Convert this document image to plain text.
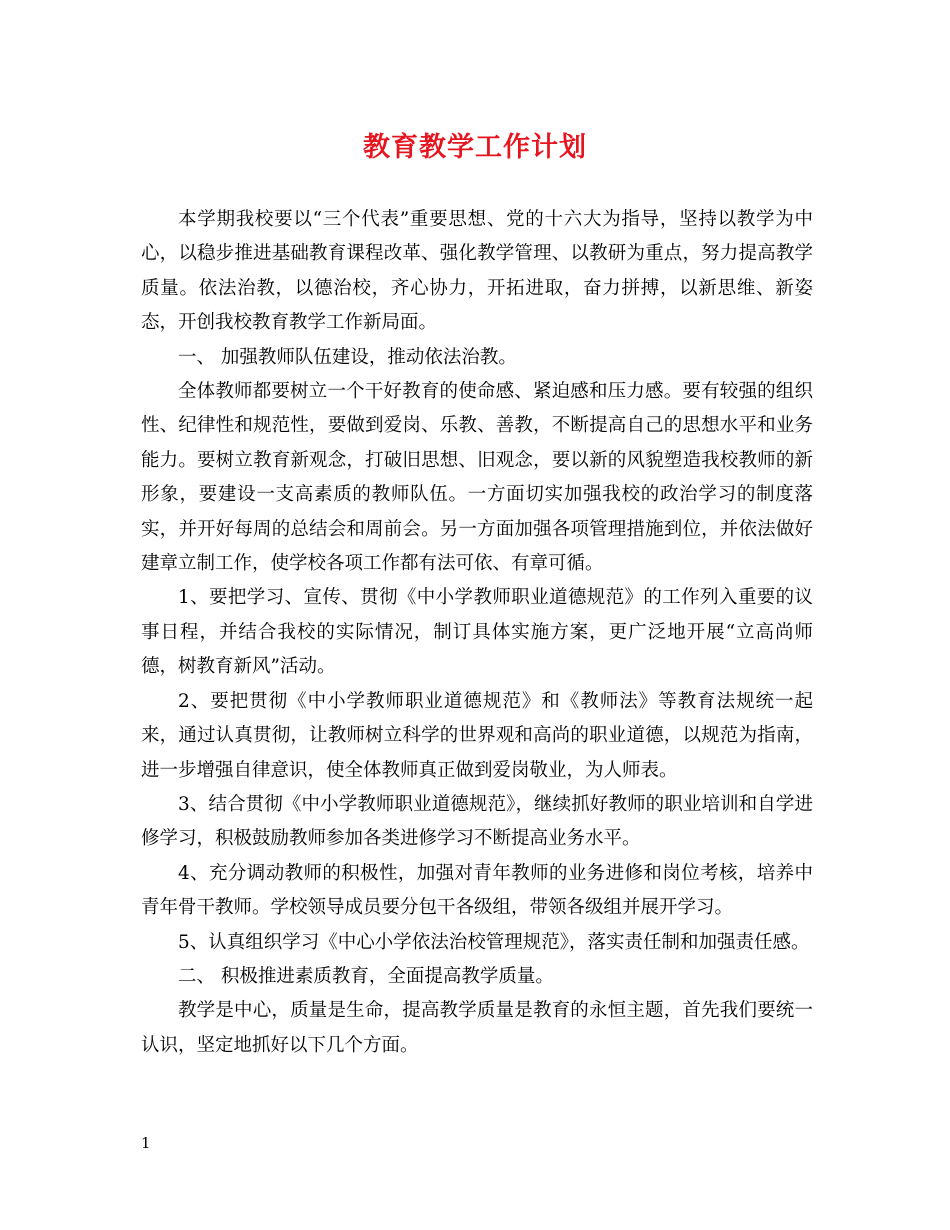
教育教学工作计划

本学期我校要以“三个代表”重要思想、党的十六大为指导，坚持以教学为中心，以稳步推进基础教育课程改革、强化教学管理、以教研为重点，努力提高教学质量。依法治教，以德治校，齐心协力，开拓进取，奋力拼搏，以新思维、新姿态，开创我校教育教学工作新局面。

一、 加强教师队伍建设，推动依法治教。

全体教师都要树立一个干好教育的使命感、紧迫感和压力感。要有较强的组织性、纪律性和规范性，要做到爱岗、乐教、善教，不断提高自己的思想水平和业务能力。要树立教育新观念，打破旧思想、旧观念，要以新的风貌塑造我校教师的新形象，要建设一支高素质的教师队伍。一方面切实加强我校的政治学习的制度落实，并开好每周的总结会和周前会。另一方面加强各项管理措施到位，并依法做好建章立制工作，使学校各项工作都有法可依、有章可循。

1、要把学习、宣传、贯彻《中小学教师职业道德规范》的工作列入重要的议事日程，并结合我校的实际情况，制订具体实施方案，更广泛地开展“立高尚师德，树教育新风”活动。

2、要把贯彻《中小学教师职业道德规范》和《教师法》等教育法规统一起来，通过认真贯彻，让教师树立科学的世界观和高尚的职业道德，以规范为指南，进一步增强自律意识，使全体教师真正做到爱岗敬业，为人师表。

3、结合贯彻《中小学教师职业道德规范》，继续抓好教师的职业培训和自学进修学习，积极鼓励教师参加各类进修学习不断提高业务水平。

4、充分调动教师的积极性，加强对青年教师的业务进修和岗位考核，培养中青年骨干教师。学校领导成员要分包干各级组，带领各级组并展开学习。

5、认真组织学习《中心小学依法治校管理规范》，落实责任制和加强责任感。

二、 积极推进素质教育，全面提高教学质量。

教学是中心，质量是生命，提高教学质量是教育的永恒主题，首先我们要统一认识，坚定地抓好以下几个方面。

1
